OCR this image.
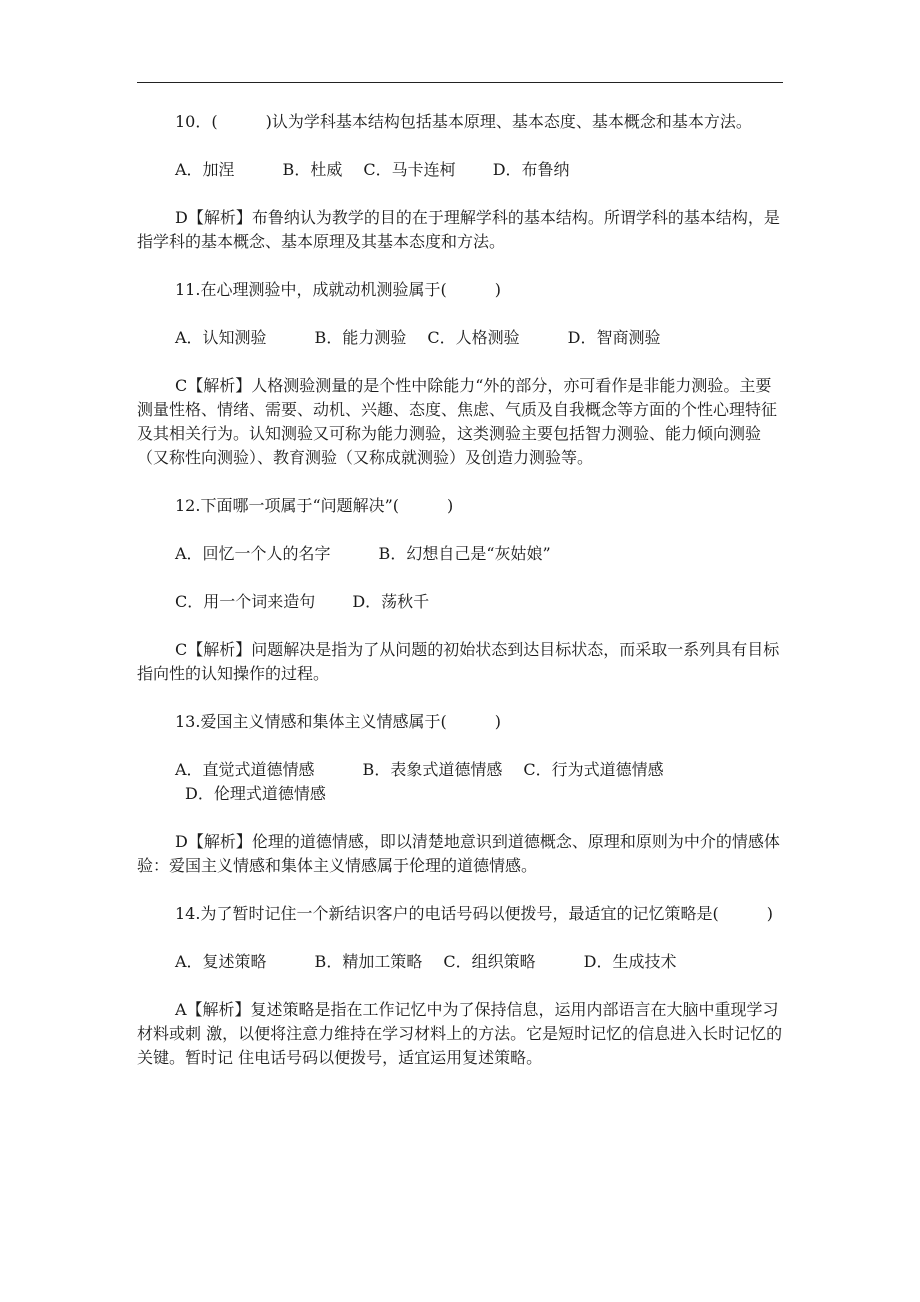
10．(　　　)认为学科基本结构包括基本原理、基本态度、基本概念和基本方法。

A．加涅　　　B．杜威　 C．马卡连柯　　 D．布鲁纳

D【解析】布鲁纳认为教学的目的在于理解学科的基本结构。所谓学科的基本结构，是指学科的基本概念、基本原理及其基本态度和方法。

11.在心理测验中，成就动机测验属于(　　　)

A．认知测验　　　B．能力测验　 C．人格测验　　　D．智商测验

C【解析】人格测验测量的是个性中除能力“外的部分，亦可看作是非能力测验。主要测量性格、情绪、需要、动机、兴趣、态度、焦虑、气质及自我概念等方面的个性心理特征及其相关行为。认知测验又可称为能力测验，这类测验主要包括智力测验、能力倾向测验（又称性向测验）、教育测验（又称成就测验）及创造力测验等。

12.下面哪一项属于“问题解决”(　　　)

A．回忆一个人的名字　　　B．幻想自己是“灰姑娘”

C．用一个词来造句　　 D．荡秋千

C【解析】问题解决是指为了从问题的初始状态到达目标状态，而采取一系列具有目标指向性的认知操作的过程。

13.爱国主义情感和集体主义情感属于(　　　)

A．直觉式道德情感　　　B．表象式道德情感　 C．行为式道德情感

D．伦理式道德情感

D【解析】伦理的道德情感，即以清楚地意识到道德概念、原理和原则为中介的情感体验：爱国主义情感和集体主义情感属于伦理的道德情感。

14.为了暂时记住一个新结识客户的电话号码以便拨号，最适宜的记忆策略是(　　　)

A．复述策略　　　B．精加工策略　 C．组织策略　　　D．生成技术

A【解析】复述策略是指在工作记忆中为了保持信息，运用内部语言在大脑中重现学习材料或刺 激，以便将注意力维持在学习材料上的方法。它是短时记忆的信息进入长时记忆的关键。暂时记 住电话号码以便拨号，适宜运用复述策略。
